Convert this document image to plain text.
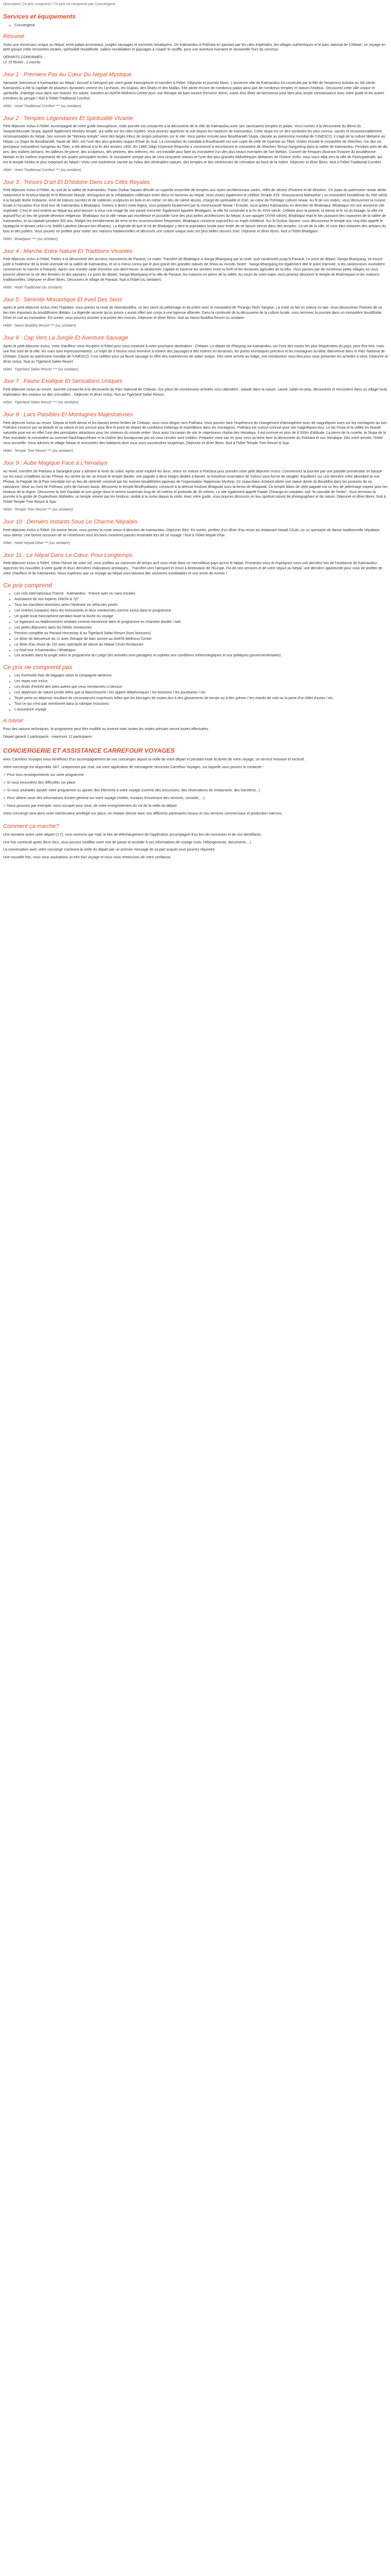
Description Ce prix comprend / Ce prix ne comprend pas Conciergerie
Services et équipements
• Conciergerie
Résumé

Vivez une immersion unique au Népal, entre palais ancestraux, jungles sauvages et sommets himalayens. De Katmandou à Pokhara en passant par les cités impériales, les villages authentiques et le parc national de Chitwan, ce voyage en petit groupe mêle rencontres locales, spiritualité bouddhiste, safaris inoubliables et paysages à couper le souffle, pour une aventure humaine et sensorielle hors du commun.

DÉPARTS CONFIRMÉS :

Le 15 février : 2 inscrits

Jour 1 : Premiers Pas Au Cœur Du Népal Mystique

Namasté, bienvenue à Katmandou au Népal ! Accueil à l'aéroport par votre guide francophone et transfert à l'hôtel. Déjeuner et journée libres. L'ancienne ville de Katmandou fut construite par la fille de l'empereur Ashoka au IIIè siècle. Katmandou a été la capitale de plusieurs dynasties comme les Licchavis, les Guptas, des Shahs et des Mallas. Elle abrite encore de nombreux palais ainsi que de nombreux temples et statues hindous. Découvrez cette ville unique et spirituelle, d'abrégé vous dans son histoire. En soirée, transfert au AVATA Wellness Center pour une thérapie de bain sonore d'environ 45mn, suivie d'un dîner de bienvenue pour faire plus ample connaissance avec votre guide et les autres membres du groupe ! Nuit à l'hôtel Traditional Comfort.

Hôtel : Hotel Traditional Comfort *** (ou similaire)

Jour 2 : Temples Légendaires Et Spiritualité Vivante

Petit déjeuner inclus à l'hôtel. Accompagné de votre guide francophone, cette journée est consacrée à la découverte de la ville de Katmandou avec ses sanctuaires temples et palais. Vous montez à la découverte du dôme du Swayambhunath Stupa, appelé également Monkey temple, qui veille sur les cités royales. Vous pourrez apprécier la vue depuis les hauteurs de Katmandou. Cette stupa est un des symboles les plus connus, sacrés et incontournablement reconnaissables du Népal. Son surnom de "Monkey temple" vient des larges tribus de singes présentes sur le site. Vous partez ensuite pour Boudhanath Stupa, classée au patrimoine mondial de l'UNESCO, il s'agit de la culture tibétaine au Népal. La Stupa de Boudhanath, haute de 36m, est l'une des plus grandes stupas d'Asie du Sud. La conception du mandala à Boudhanath est une copie de celle de Gyantse au Tibet. Visitez ensuite le monastère de Shechen, l'un des six principaux monastères nyingmas du Tibet, a été détruit à la fin des années 1950. En 1980, Dilgo Khyentsé Rinpoché a commencé à reconstruire le monastère de Shechen Tennyi Dargyeling dans la vallée de Katmandou. Pendant près de dix ans, des maîtres artisans, les tailleurs de pierre, des sculpteurs, des peintres, des orfèvres, etc. ont travaillé pour faire du monastère l'un des plus beaux exemples de l'art tibétain. Couvert de fresques illustrant l'histoire du bouddhisme tibétain et les maîtres importants de ses quatre principales écoles, le monastère compte plus de cent cinquante statues et l'une des plus grandes bibliothèques tibétaines de l'Orient. Enfin, vous visez déjà vers la ville de Pashupatinath, qui est le temple hindou le plus important du Népal ! Vivez une expérience sacrée au milieu des vénérables statues, des temples et des cérémonies de crémation au bord de la rivière. Déjeuner et dîner libres. Nuit à l'hôtel Traditional Comfort.

Hôtel : Hotel Traditional Comfort *** (ou similaire)

Jour 3 : Trésors D'art Et D'histoire Dans Les Cités Royales

Petit déjeuner inclus à l'hôtel. Au sud de la vallée de Katmandou, Patan Durbar Square dévoile un superbe ensemble de temples aux styles architecturaux variés, reflet de siècles d'histoire et de dévotion. Ce joyau du patrimoine newar abrite notamment le Krishna Mandir et le Bhimsen Mandir, témoignant de la cohabitation millénaire entre dieux et hommes au Népal. Vous visitez également le célèbre Temple d'Or, Hiranyavarna Mahavihar ( un monastère bouddhiste du XIIè siècle à la façade dorée éclatante, orné de statues sacrées et de sublimes sculptures en bois et en métal. Un lieu de calme absolu, chargé de spiritualité et d'art, au cœur de l'héritage culturel newar. Au fil de vos visites, vous découvrirez la cuisine locale à l'occasion d'un food tour de Katmandou à Bhaktapur. Goûtez à divers mets légers, tous préparés localement par la communauté Newar ! Ensuite, vous quittez Katmandou en direction de Bhaktapur. Bhaktapur est une ancienne cité impériale. C'est le seul endroit au Népal qui peut brosser à vous une image de son passé immortel. Également appelée Bhadgaon, la ville fut construite à la fin du XIVè siècle. Célèbre pour la poterie, la danse et le roi du tissage, la ville est aujourd'hui un lieu de grande dévotion religieuse. Bhaktapur est la ville newar par excellence et possède l'une des plus belles architectures du Népal. A son apogée (XVIIè siècle), Bhaktapur était le lieu puissant des royaumes de la vallée de Katmandou, et sa capitale pendant 300 ans. Malgré les tremblements de terre et les reconstructions fréquentes, Bhaktapur conserve aujourd'hui un esprit médiéval. Sur le Durbar Square, vous découvrirez le temple aux cinq toits appelé le Nyatapola et devant celui-ci le Siddhi Lakshmi (devant lien Bhairav). La légende dit que le roi de Bhaktapur y tient la population locale pour éviter de se laisser bercer dans des temples. La vie de la ville, et vous êtes entourés des artisans du bois et des potiers. Vous pouvez en profiter pour visiter ses maisons traditionnelles et découvrir une culture unique avec les plus belles œuvres d'art. Déjeuner et dîner libres. Nuit à l'hôtel Bhadgaon.

Hôtel : Bhadgaon *** (ou similaire)

Jour 4 : Marche Entre Nature Et Traditions Vivantes

Petit déjeuner inclus à l'hôtel. Partez à la découverte des anciens monuments de Panauti, ce matin. Transfert de Bhaktapur à Sanga Bhanjyang par la route, puis randonnée jusqu'à Panauti. Le point de départ, Sanga Bhanjyang, se trouve juste à l'extérieur de la limite orientale de la vallée de Katmandou, et on a mieux connu par le plus grand des grandes statues de Shiva au monde. Notre : Sanga Bhanjyang est également dite le point d'arrivée, si les randonneurs souhaitent commencer la marche à Panauti). Après une montée raide d'environ une demi-heure, la randonnée s'aplatit et traverse les sentiers entre la forêt et les terrasses agricoles de la tribu. Vous passez par de nombreux petits villages où vous pourrez observer la vie des fermiers et des paysans. Le point de départ, Sanga Bhanjyang et la ville de Panauti, les maisons en pierre de la vallée. Au cours de votre trajet, vous pourrez découvrir le temple de Brahmayani et les maisons traditionnelles. Déjeuner et dîner libres. Découvrez le village de Panauti. Nuit à l'hôtel (ou similaire).

Hôtel : Hotel Traditional (ou similaire)

Jour 5 : Sérénité Monastique Et éveil Des Sens

Après le petit-déjeuner inclus chez l'habitant, vous prenez la route de Namobuddha, un lieu sacré du pèlerinage et de prière avec le monastère de Thrangu Tashi Yangtse. La visite se fait en voiture ou taxi. Vous découvrirez l'histoire de ce lieu très important du bouddhisme tibétain. La légende raconte qu'un prince y aurait offert son corps à une tigresse affamée. Dans la continuité de la découverte de la culture locale, vous terminez la journée dans un monastère bouddhiste. Dîner et nuit au monastère. En soirée, vous pourrez assister à la prière des moines. Déjeuner et dîner libres. Nuit au Namo Buddha Resort ou similaire.

Hôtel : Namo Buddha Resort *** (ou similaire)

Jour 6 : Cap Vers La Jungle Et Aventure Sauvage

Après le petit-déjeuner inclus, votre chauffeur vous récupère à l'hôtel pour vous conduire à votre prochaine destination : Chitwan. Le départ de Pharping via Katmandou, sur l'une des routes les plus fréquentées du pays, peut être lent, mais une fois sorti de la ville, les vues sont impressionnantes. Le trajet de 5 heures vous emmène à travers des paysages à des rizières en terrasses, les points touristiques précieux et les montagnes au-delà. Bienvenue dans le Parc National de Chitwan. Classé au patrimoine mondial de l'UNESCO, il est célèbre pour sa faune sauvage et offre des expériences de safari unique. Dès votre arrivée au lodge, une introduction vous fera pour vous présenter les activités à venir. Déjeuner et dîner inclus. Nuit au Tigerland Safari Resort.

Hôtel : Tigerland Safari Resort *** (ou similaire)

Jour 7 : Faune Exotique Et Sensations Uniques

Petit déjeuner inclus au resort. Journée consacrée à la découverte du Parc National de Chitwan. Sur place de nombreuses activités vous attendent : balade dans la nature, canoë, safari en jeep, découverte et rencontres dans un village local, exploration des oiseaux ou des crocodiles... Déjeuner et dîner inclus. Nuit au Tigerland Safari Resort.

Hôtel : Tigerland Safari Resort *** (ou similaire)

Jour 8 : Lacs Paisibles Et Montagnes Majestueuses

Petit déjeuner inclus au resort. Depuis la forêt dense et les basses terres fertiles de Chitwan, vous vous dirigez vers Pokhara. Vous pouvez faire l'expérience du changement d'atmosphère avec de magnifiques vues sur les montagnes au loin. Pokhara s'exerce par sa beauté et sa nature et est connue pour être le point de départ de nombreux trekkings et expéditions dans les montagnes. Pokhara est surtout connue pour ses magnifiques lacs. Le lac Fewa et la vallée en beauté naturelle pure est en effet l'une des principales attractions pour les visiteurs du monde entier. Vous avez l'occasion de voir le majestueux chaîne des Himalaya. Il est nommé en plus de 8 000m d'altitude. La pierre de la cuvette, la Stupa de la Paix mondiale, le monastère au sommet Machhapuchhare et la chaîne des Annapurnas par où vous circulez sont visibles. Préparez votre sac et, pour vous qu'aime faire la découverte du Pokhara et son Himalaya. Dès votre arrivée, l'hôtel vous accueille. Vous admirez le village Newar et rencontrez des habitants dont vous vous souviendrez longtemps. Déjeuner et dîner libres. Nuit à l'hôtel Temple Tree Resort & Spa.

Hôtel : Temple Tree Resort *** (ou similaire)

Jour 9 : Aube Magique Face à L'himalaya

Au réveil, transfert de Pokhara à Sarangkot pour y admirer le lever du soleil. Après avoir exploré les lieux, retour en voiture à Pokhara pour prendre votre petit déjeuner inclus. Commencez la journée par une paisible promenade en barque sur les eaux cristallines du lac Phewa. Au centre du lac se trouve le temple Barahi, une pagode à deux étages dédiée à Barahi, la troisième incarnation de Vishnu sous forme de sanglier. Equilibrez sur une dernière crête abondant la vue Phewa, la Pagode de la Paix mondiale est un lieu de sérénité construit par les moines bouddhistes japonais de l'organisation Nipponzan Myohoji. Ce stupa blanc éclatant abrite une statue dorée du Bouddha dans les postures de sa naissance, Situé au nord de Pokhara, près de l'ancien bazar, découvrez le temple Bindhyabasini, consacré à la déesse hindoue Bhagwati sous la forme de Bhagwati. Ce temple blanc de style pagode est un lieu de pèlerinage majeur pour les hindous de la région. Découvrez la Seti Gandaki et une gorge dans le torrent souterrain long de 40 mètres et profonde de 30 mètres. Le site également appelé Patale Chhango en népalais, soit "la cascade de l'enfer". Vous terminez la journée à la grotte de Gupteshwor Mahadev, un temple vénéré par les hindous, visible à la sortie depuis la visite. Avec votre guide, vous pourrez découvrir un lieu spirituel saturé de photographies et de nature. Déjeuner et dîner libres. Nuit à l'hôtel Temple Tree Resort & Spa.

Hôtel : Temple Tree Resort *** (ou similaire)

Jour 10 : Derniers Instants Sous Le Charme Népalais

Petit-déjeuner inclus à l'hôtel. De bonne heure, vous prenez la route retour à direction de Katmandou. Déjeuner libre. En soirée, profitez d'un dîner d'au revoir au restaurant Nepali Chulo, ou un spectacle de danse traditionnelle népalaise vous attend. Une bonne occasion de se remémorer tous les bons moments passés ensemble lors de ce voyage ! Nuit à l'hôtel Nepali Ghar.

Hôtel : Hotel Nepali Ghar *** (ou similaire)

Jour 11 : Le Népal Dans Le Cœur, Pour Longtemps

Petit-déjeuner inclus à l'hôtel. Selon l'heure de votre vol, vous profitez au maximum de temps qu'il vous reste dans ce merveilleux pays qu'est le Népal. Promenez-vous et imprégnez-vous une dernière fois de l'ambiance de Katmandou. Apprenez les nouvelles à votre guide et leurs dernières réalisations artistiques... Transfert vers l'aéroport et envol à destination de l'Europe. Fin de nos services et de votre séjour au Népal, une dernière opportunité pour vous de profiter de votre chauffeur et de Katmandou. Nous espérons que ce voyage au Népal vous laissera des souvenirs inoubliables et une envie de revenir !

Ce prix comprend
• Les vols internationaux France - Katmandou - France avec ou sans escales
• Assistance de nos experts 24h/24 & 7j/7
• Tous les transferts terrestres selon l'itinéraire en véhicules privés
• Les entrées (uniques) dans les monuments et lieux mentionnés comme inclus dans le programme
• Un guide local francophone pendant toute la durée du voyage
• Le logement ou établissement similaire comme mentionné dans le programme en chambre double / twin
• Les petits-déjeuners dans les hôtels mentionnés
• Pension complète au Panauti Homestay & au Tigerland Safari Resort (hors boissons)
• Le dîner de bienvenue du J1 avec thérapie de bain sonore au AVATA Wellness Center
• Le dîner d'au revoir du J10 avec spectacle de danse au Népali Chulo Restaurant
• Le food tour à Katmandou / Bhaktapur
• Les activités dans la jungle selon le programme du Lodge (les activités sont partagées et sujettes aux conditions météorologiques et aux politiques gouvernementales)
Ce prix ne comprend pas
• Les éventuels frais de bagages selon la compagnie aérienne
• Les repas non inclus
• Les droits d'entrée des sites autres que ceux mentionnés ci-dessus
• Les dépenses de nature privée telles que la blanchisserie / les appels téléphoniques / les boissons / les pourboires / etc.
• Toute perte ou dépense résultant de circonstances imprévues telles que les blocages de routes dus à des glissements de terrain ou à des grèves / les retards de vols ou la perte d'un billet d'avion / etc.
• Tout ce qui n'est pas mentionné dans la rubrique inclusions
• L'assurance voyage
A savoir

Pour des raisons techniques, le programme peut être modifié ou inversé mais toutes les visites prévues seront toutes effectuées.

Départ garanti 2 participants - maximum 12 participants

CONCIERGERIE ET ASSISTANCE CARREFOUR VOYAGES

Avec Carrefour Voyages vous bénéficiez d'un accompagnement de nos concierges depuis la veille de votre départ et pendant toute la durée de votre voyage, un service innovant et exclusif.

Votre concierge est disponible 24/7, uniquement par chat, via votre application de messagerie sécurisée Carrefour Voyages, sur laquelle vous pouvez le contacter :

✓ Pour tous renseignements sur votre programme

✓ Si vous rencontrez des difficultés sur place

✓ Si vous souhaitez ajouter votre programme ou ajouter des éléments à votre voyage (comme des excursions, des réservations de restaurants, des transferts...)

✓ Pour obtenir avoir des informations d'ordre général sur votre voyage (météo, horaires d'ouverture des services, conseils, ...)

✓ Nous pouvons par exemple, nous occuper pour vous, de votre enregistrement du vol de la veille du départ

Votre concierge sera alors votre interlocuteur privilégié sur place, en relation directe avec nos différents partenaires locaux et nos services commerciaux et production internes.

Comment ça marche?

Une semaine avant votre départ (J-7), vous recevrez par mail, le lien de téléchargement de l'application accompagné d'un lien de connexion et de vos identifiants.

Une fois connecté après deux clics, vous pouvez modifier votre mot de passe et accéder à vos informations de voyage (vols, hébergements, documents ...)

La conversation avec votre concierge s'activera la veille du départ par un premier message de sa part auquel vous pourrez répondre.

Une nouvelle fois, nous vous souhaitons un très bon voyage et nous vous remercions de votre confiance.
